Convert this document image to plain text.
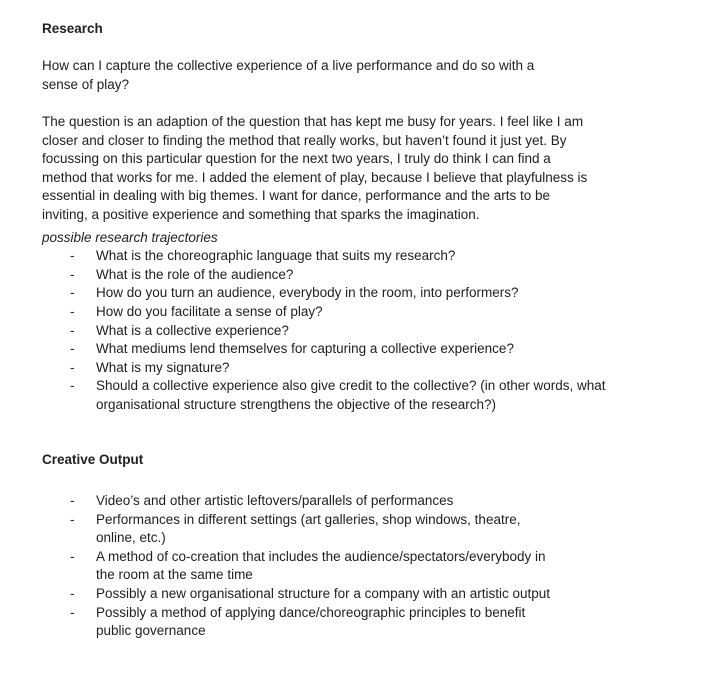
Research
How can I capture the collective experience of a live performance and do so with a
sense of play?
The question is an adaption of the question that has kept me busy for years. I feel like I am
closer and closer to finding the method that really works, but haven’t found it just yet. By
focussing on this particular question for the next two years, I truly do think I can find a
method that works for me. I added the element of play, because I believe that playfulness is
essential in dealing with big themes. I want for dance, performance and the arts to be
inviting, a positive experience and something that sparks the imagination.
possible research trajectories
-	What is the choreographic language that suits my research?
-	What is the role of the audience?
-	How do you turn an audience, everybody in the room, into performers?
-	How do you facilitate a sense of play?
-	What is a collective experience?
-	What mediums lend themselves for capturing a collective experience?
-	What is my signature?
-	Should a collective experience also give credit to the collective? (in other words, what
organisational structure strengthens the objective of the research?)
Creative Output
-	Video’s and other artistic leftovers/parallels of performances
-	Performances in different settings (art galleries, shop windows, theatre,
online, etc.)
-	A method of co-creation that includes the audience/spectators/everybody in
the room at the same time
-	Possibly a new organisational structure for a company with an artistic output
-	Possibly a method of applying dance/choreographic principles to benefit
public governance
